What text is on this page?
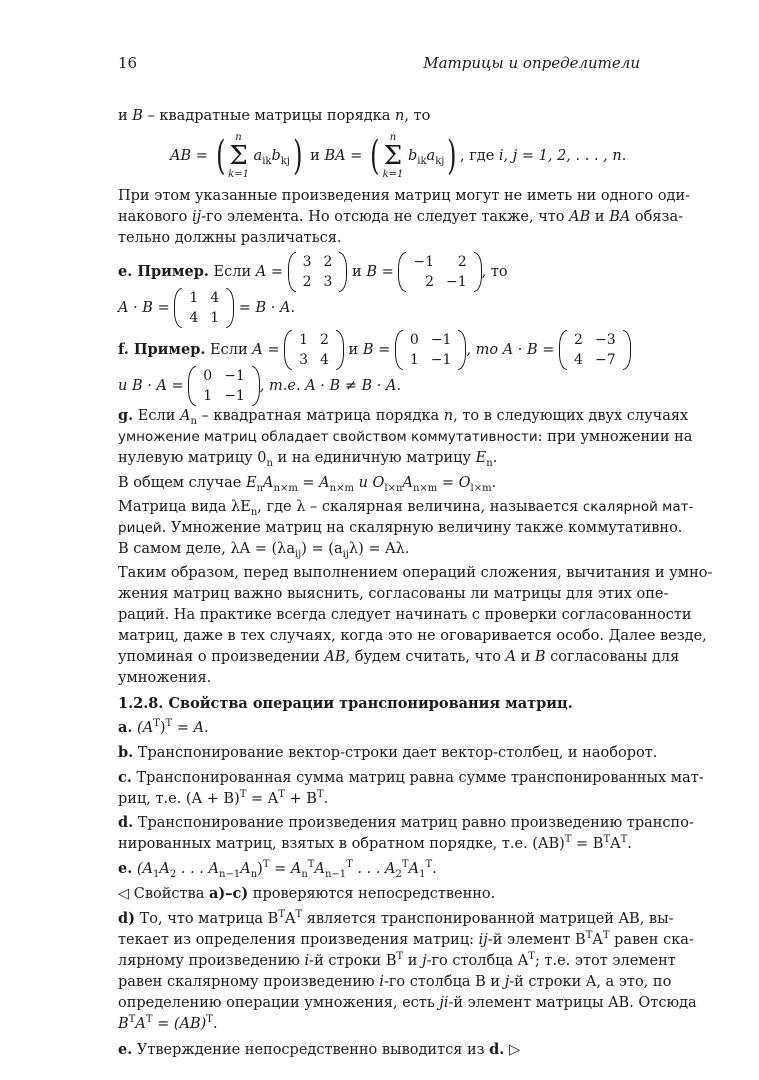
16	Матрицы и определители
и B – квадратные матрицы порядка n, то
AB = ( n
Σ
k=1 $a_{ik}b_{kj}$) и BA = ( n
Σ
k=1 $b_{ik}a_{kj}$) , где i, j = 1, 2, . . . , n.
При этом указанные произведения матриц могут не иметь ни одного оди-
накового ij-го элемента. Но отсюда не следует также, что AB и BA обяза-
тельно должны различаться.
e. Пример. Если A =
3	2
2	3
и B =
−1	2
2	−1
, то
A · B =
1	4
4	1
= B · A.
f. Пример. Если A =
1	2
3	4
и B =
0	−1
1	−1
, то A · B =
2	−3
4	−7
и B · A =
0	−1
1	−1
, т.е. A · B ≠ B · A.
g. Если $A_n$ – квадратная матрица порядка n, то в следующих двух случаях
умножение матриц обладает свойством коммутативности: при умножении на
нулевую матрицу $0_n$ и на единичную матрицу $E_n$.
В общем случае $E_nA_{n\times m} = A_{n\times m}$ и $O_{l\times n}A_{n\times m} = O_{l\times m}$.
Матрица вида $\lambda E_n$, где λ – скалярная величина, называется скалярной мат-
рицей. Умножение матриц на скалярную величину также коммутативно.
В самом деле, $\lambda A = (\lambda a_{ij}) = (a_{ij}\lambda) = A\lambda$.
Таким образом, перед выполнением операций сложения, вычитания и умно-
жения матриц важно выяснить, согласованы ли матрицы для этих опе-
раций. На практике всегда следует начинать с проверки согласованности
матриц, даже в тех случаях, когда это не оговаривается особо. Далее везде,
упоминая о произведении AB, будем считать, что A и B согласованы для
умножения.
1.2.8. Свойства операции транспонирования матриц.
a. $(A^T)^T = A$.
b. Транспонирование вектор-строки дает вектор-столбец, и наоборот.
c. Транспонированная сумма матриц равна сумме транспонированных мат-
риц, т.е. $(A + B)^T = A^T + B^T$.
d. Транспонирование произведения матриц равно произведению транспо-
нированных матриц, взятых в обратном порядке, т.е. $(AB)^T = B^TA^T$.
e. ($A_1A_2$ . . . $A_{n-1}A_n)^T = A_n^TA_{n-1}^T$ . . . $A_2^TA_1^T$.
◁ Свойства a)–c) проверяются непосредственно.
d) То, что матрица $B^TA^T$ является транспонированной матрицей AB, вы-
текает из определения произведения матриц: ij-й элемент $B^TA^T$ равен ска-
лярному произведению i-й строки $B^T$ и j-го столбца $A^T$; т.е. этот элемент
равен скалярному произведению i-го столбца B и j-й строки A, а это, по
определению операции умножения, есть ji-й элемент матрицы AB. Отсюда
$B^TA^T = (AB)^T$.
e. Утверждение непосредственно выводится из d. ▷
